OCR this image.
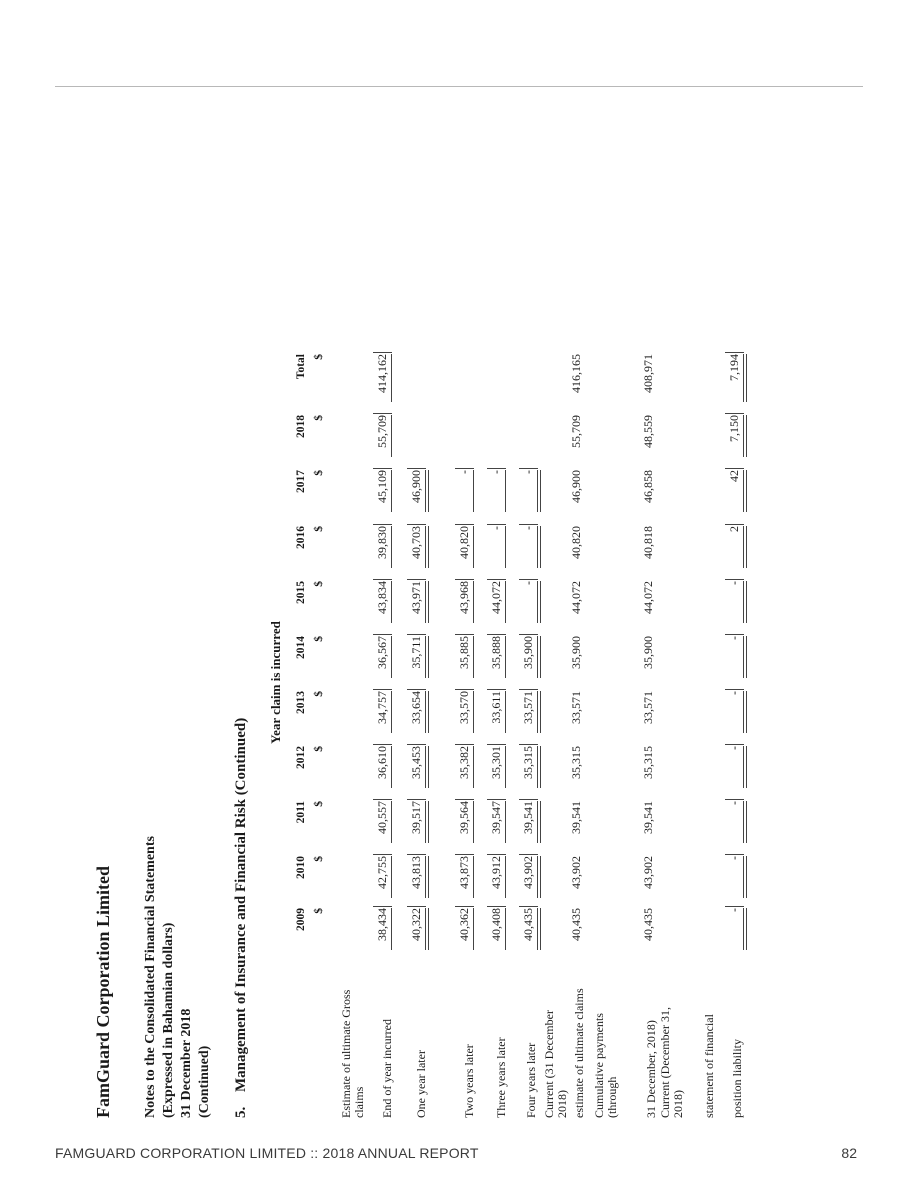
FamGuard Corporation Limited Notes to the Consolidated Financial Statements (Expressed in Bahamian dollars) 31 December 2018 (Continued) 5.
Management of Insurance and Financial Risk (Continued)
Year claim is incurred
Estimate of ultimate Gross claims
2009 $
2010 $
2011 $
2012 $
2013 $
2014 $
2015 $
2016 $
2017 $
2018 $
Total $
End of year incurred
38,434
42,755
40,557
36,610
34,757
36,567
43,834
39,830
45,109
55,709
414,162
One year later
40,322
43,813
39,517
35,453
33,654
35,711
43,971
40,703
46,900
Two years later
40,362
43,873
39,564
35,382
33,570
35,885
43,968
40,820
-
Three years later
40,408
43,912
39,547
35,301
33,611
35,888
44,072
-
-
Four years later
40,435
43,902
39,541
35,315
33,571
35,900
-
-
-
Current (31 December 2018) estimate of ultimate claims
40,435
43,902
39,541
35,315
33,571
35,900
44,072
40,820
46,900
55,709
416,165
Cumulative payments (through 31 December, 2018)
40,435
43,902
39,541
35,315
33,571
35,900
44,072
40,818
46,858
48,559
408,971
Current (December 31, 2018) statement of financial position liability
-
-
-
-
-
-
-
2
42
7,150
7,194
FAMGUARD CORPORATION LIMITED :: 2018 ANNUAL REPORT	82
